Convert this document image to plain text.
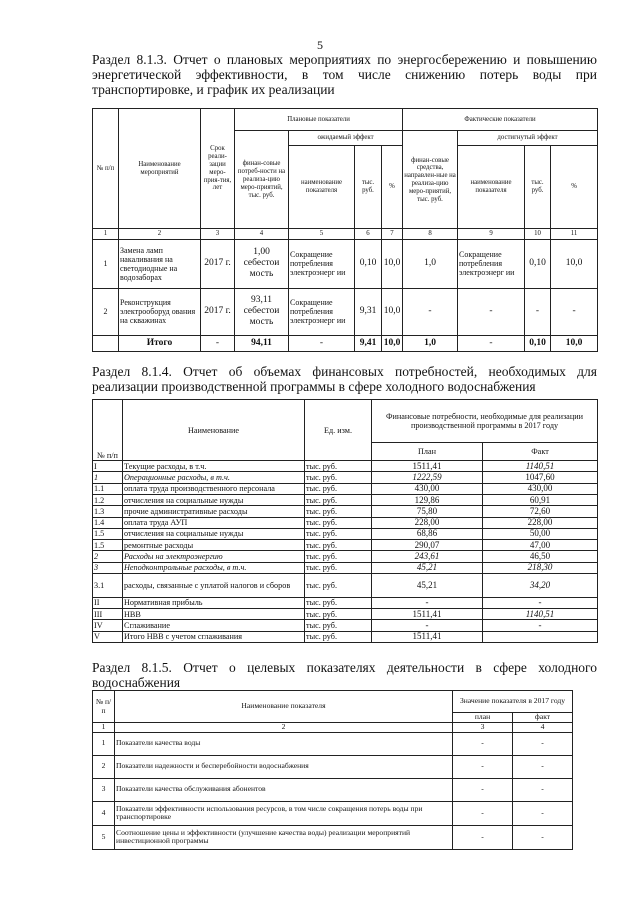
5
Раздел 8.1.3. Отчет о плановых мероприятиях по энергосбережению и повышению энергетической эффективности, в том числе снижению потерь воды при транспортировке, и график их реализации
№ п/п	Наименование мероприятий	Срок реали-зации меро-прия-тия, лет	Плановые показатели				Фактические показатели			
			финан-совые потреб-ности на реализа-цию меро-приятий, тыс. руб.	ожидаемый эффект			финан-совые средства, направлен-ные на реализа-цию меро-приятий, тыс. руб.	достигнутый эффект		
				наименование показателя	тыс. руб.	%		наименование показателя	тыс. руб.	%
1	2	3	4	5	6	7	8	9	10	11
1	Замена ламп накаливания на светодиодные на водозаборах	2017 г.	1,00 себестои мость	Сокращение потребления электроэнерг ии	0,10	10,0	1,0	Сокращение потребления электроэнерг ии	0,10	10,0
2	Реконструкция электрооборуд ования на скважинах	2017 г.	93,11 себестои мость	Сокращение потребления электроэнерг ии	9,31	10,0	-	-	-	-
	Итого	-	94,11	-	9,41	10,0	1,0	-	0,10	10,0
Раздел 8.1.4. Отчет об объемах финансовых потребностей, необходимых для реализации производственной программы в сфере холодного водоснабжения
№ п/п	Наименование	Ед. изм.	Финансовые потребности, необходимые для реализации производственной программы в 2017 году	
			План	Факт
I	Текущие расходы, в т.ч.	тыс. руб.	1511,41	1140,51
1	Операционные расходы, в т.ч.	тыс. руб.	1222,59	1047,60
1.1	оплата труда производственного персонала	тыс. руб.	430,00	430,00
1.2	отчисления на социальные нужды	тыс. руб.	129,86	60,91
1.3	прочие административные расходы	тыс. руб.	75,80	72,60
1.4	оплата труда АУП	тыс. руб.	228,00	228,00
1.5	отчисления на социальные нужды	тыс. руб.	68,86	50,00
1.5	ремонтные расходы	тыс. руб.	290,07	47,00
2	Расходы на электроэнергию	тыс. руб.	243,61	46,50
3	Неподконтрольные расходы, в т.ч.	тыс. руб.	45,21	218,30
3.1	расходы, связанные с уплатой налогов и сборов	тыс. руб.	45,21	34,20
II	Нормативная прибыль	тыс. руб.	-	-
III	НВВ	тыс. руб.	1511,41	1140,51
IV	Сглаживание	тыс. руб.	-	-
V	Итого НВВ с учетом сглаживания	тыс. руб.	1511,41	
Раздел 8.1.5. Отчет о целевых показателях деятельности в сфере холодного водоснабжения
№ п/п	Наименование показателя	Значение показателя в 2017 году	
		план	факт
1	2	3	4
1	Показатели качества воды	-	-
2	Показатели надежности и бесперебойности водоснабжения	-	-
3	Показатели качества обслуживания абонентов	-	-
4	Показатели эффективности использования ресурсов, в том числе сокращения потерь воды при транспортировке	-	-
5	Соотношение цены и эффективности (улучшение качества воды) реализации мероприятий инвестиционной программы	-	-
